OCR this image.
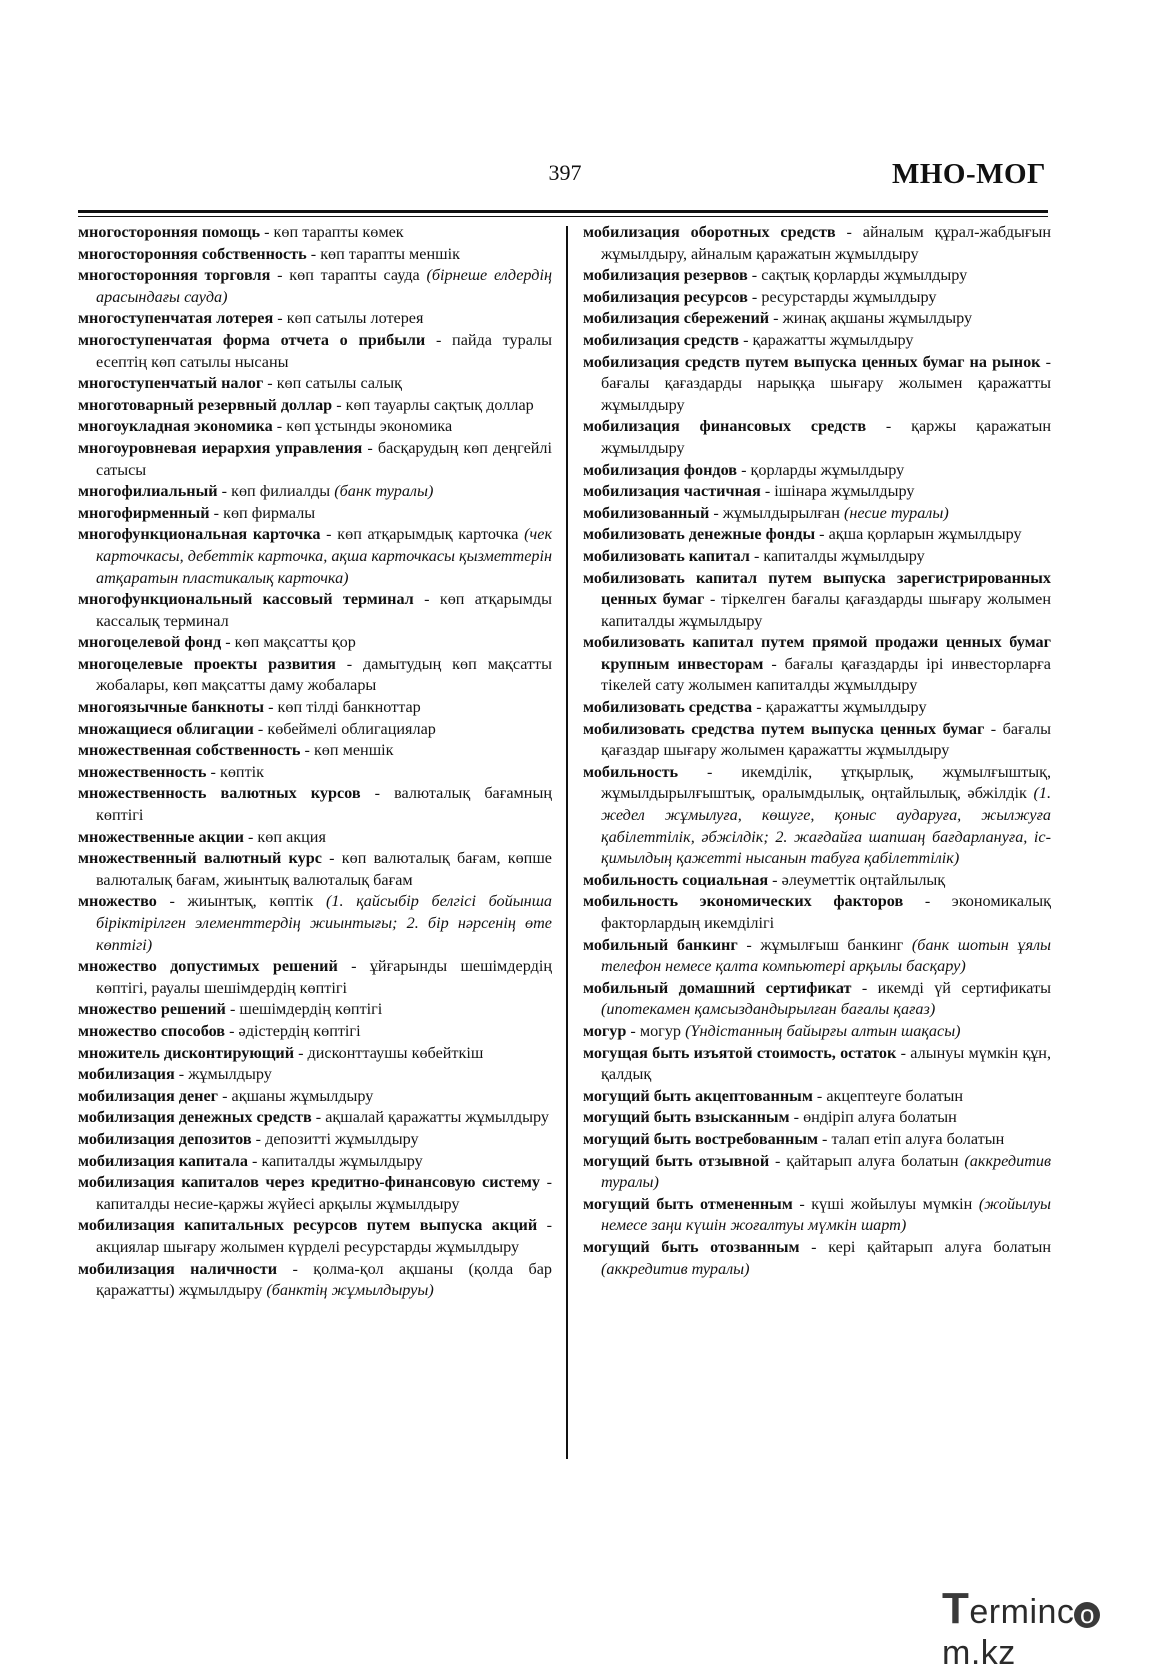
397	МНО-МОГ
многосторонняя помощь - көп тарапты көмек
многосторонняя собственность - көп тарапты меншік
многосторонняя торговля - көп тарапты сауда (бірнеше елдердің арасындағы сауда)
многоступенчатая лотерея - көп сатылы лотерея
многоступенчатая форма отчета о прибыли - пайда туралы есептің көп сатылы нысаны
многоступенчатый налог - көп сатылы салық
многотоварный резервный доллар - көп тауарлы сақтық доллар
многоукладная экономика - көп ұстынды экономика
многоуровневая иерархия управления - басқарудың көп деңгейлі сатысы
многофилиальный - көп филиалды (банк туралы)
многофирменный - көп фирмалы
многофункциональная карточка - көп атқарымдық карточка (чек карточкасы, дебеттік карточка, ақша карточкасы қызметтерін атқаратын пластикалық карточка)
многофункциональный кассовый терминал - көп атқарымды кассалық терминал
многоцелевой фонд - көп мақсатты қор
многоцелевые проекты развития - дамытудың көп мақсатты жобалары, көп мақсатты даму жобалары
многоязычные банкноты - көп тілді банкноттар
множащиеся облигации - көбеймелі облигациялар
множественная собственность - көп меншік
множественность - көптік
множественность валютных курсов - валюталық бағамның көптігі
множественные акции - көп акция
множественный валютный курс - көп валюталық бағам, көпше валюталық бағам, жиынтық валюталық бағам
множество - жиынтық, көптік (1. қайсыбір белгісі бойынша біріктірілген элементтердің жиынтығы; 2. бір нәрсенің өте көптігі)
множество допустимых решений - ұйғарынды шешімдердің көптігі, рауалы шешімдердің көптігі
множество решений - шешімдердің көптігі
множество способов - әдістердің көптігі
множитель дисконтирующий - дисконттаушы көбейткіш
мобилизация - жұмылдыру
мобилизация денег - ақшаны жұмылдыру
мобилизация денежных средств - ақшалай қаражатты жұмылдыру
мобилизация депозитов - депозитті жұмылдыру
мобилизация капитала - капиталды жұмылдыру
мобилизация капиталов через кредитно-финансовую систему - капиталды несие-қаржы жүйесі арқылы жұмылдыру
мобилизация капитальных ресурсов путем выпуска акций - акциялар шығару жолымен күрделі ресурстарды жұмылдыру
мобилизация наличности - қолма-қол ақшаны (қолда бар қаражатты) жұмылдыру (банктің жұмылдыруы)
мобилизация оборотных средств - айналым құрал-жабдығын жұмылдыру, айналым қаражатын жұмылдыру
мобилизация резервов - сақтық қорларды жұмылдыру
мобилизация ресурсов - ресурстарды жұмылдыру
мобилизация сбережений - жинақ ақшаны жұмылдыру
мобилизация средств - қаражатты жұмылдыру
мобилизация средств путем выпуска ценных бумаг на рынок - бағалы қағаздарды нарыққа шығару жолымен қаражатты жұмылдыру
мобилизация финансовых средств - қаржы қаражатын жұмылдыру
мобилизация фондов - қорларды жұмылдыру
мобилизация частичная - ішінара жұмылдыру
мобилизованный - жұмылдырылған (несие туралы)
мобилизовать денежные фонды - ақша қорларын жұмылдыру
мобилизовать капитал - капиталды жұмылдыру
мобилизовать капитал путем выпуска зарегистрированных ценных бумаг - тіркелген бағалы қағаздарды шығару жолымен капиталды жұмылдыру
мобилизовать капитал путем прямой продажи ценных бумаг крупным инвесторам - бағалы қағаздарды ірі инвесторларға тікелей сату жолымен капиталды жұмылдыру
мобилизовать средства - қаражатты жұмылдыру
мобилизовать средства путем выпуска ценных бумаг - бағалы қағаздар шығару жолымен қаражатты жұмылдыру
мобильность - икемділік, ұтқырлық, жұмылғыштық, жұмылдырылғыштық, оралымдылық, оңтайлылық, әбжілдік (1. жедел жұмылуға, көшуге, қоныс аударуға, жылжуға қабілеттілік, әбжілдік; 2. жағдайға шапшаң бағдарлануға, іс-қимылдың қажетті нысанын табуға қабілеттілік)
мобильность социальная - әлеуметтік оңтайлылық
мобильность экономических факторов - экономикалық факторлардың икемділігі
мобильный банкинг - жұмылғыш банкинг (банк шотын ұялы телефон немесе қалта компьютері арқылы басқару)
мобильный домашний сертификат - икемді үй сертификаты (ипотекамен қамсыздандырылған бағалы қағаз)
могур - могур (Үндістанның байырғы алтын шақасы)
могущая быть изъятой стоимость, остаток - алынуы мүмкін құн, қалдық
могущий быть акцептованным - акцептеуге болатын
могущий быть взысканным - өндіріп алуға болатын
могущий быть востребованным - талап етіп алуға болатын
могущий быть отзывной - қайтарып алуға болатын (аккредитив туралы)
могущий быть отмененным - күші жойылуы мүмкін (жойылуы немесе заңи күшін жоғалтуы мүмкін шарт)
могущий быть отозванным - кері қайтарып алуға болатын (аккредитив туралы)
Terminc om.kz
